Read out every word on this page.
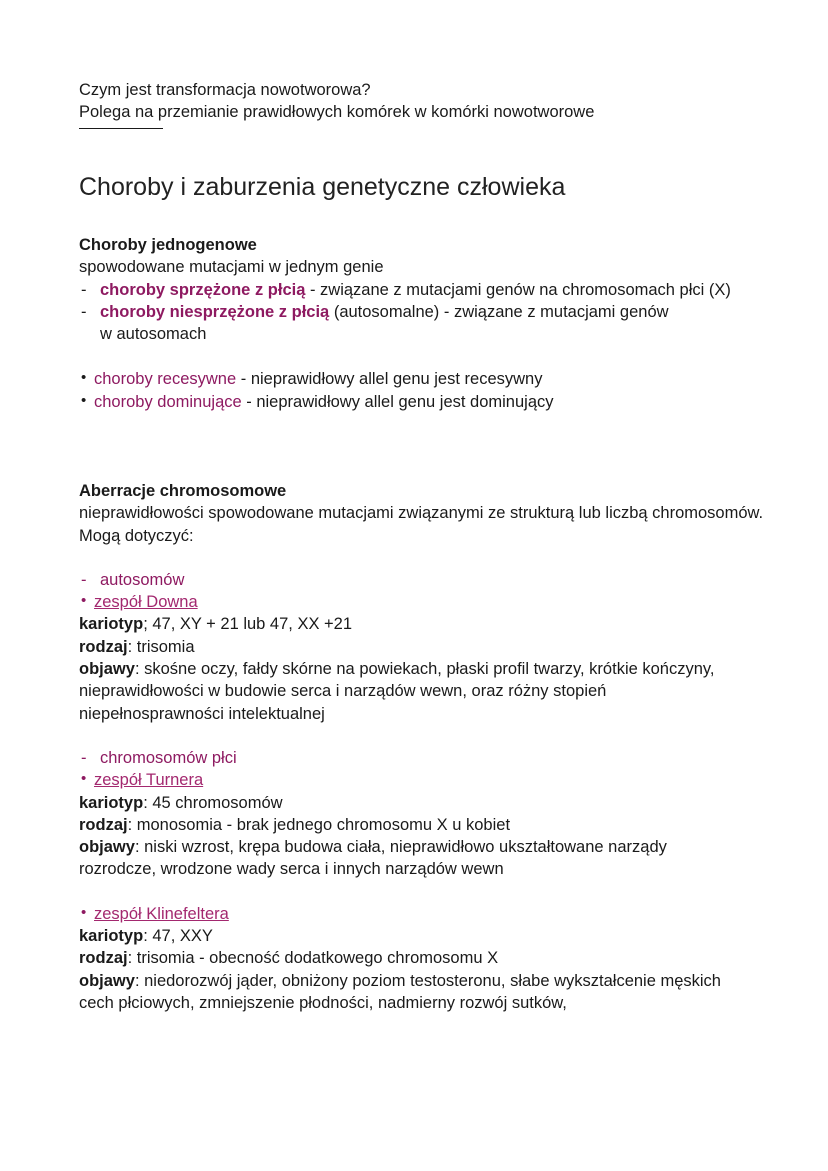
Czym jest transformacja nowotworowa?
Polega na przemianie prawidłowych komórek w komórki nowotworowe
Choroby i zaburzenia genetyczne człowieka
Choroby jednogenowe
spowodowane mutacjami w jednym genie
- choroby sprzężone z płcią - związane z mutacjami genów na chromosomach płci (X)
- choroby niesprzężone z płcią (autosomalne) - związane z mutacjami genów w autosomach
• choroby recesywne - nieprawidłowy allel genu jest recesywny
• choroby dominujące - nieprawidłowy allel genu jest dominujący
Aberracje chromosomowe
nieprawidłowości spowodowane mutacjami związanymi ze strukturą lub liczbą chromosomów.
Mogą dotyczyć:
- autosomów
• zespół Downa
kariotyp; 47, XY + 21 lub 47, XX +21
rodzaj: trisomia
objawy: skośne oczy, fałdy skórne na powiekach, płaski profil twarzy, krótkie kończyny, nieprawidłowości w budowie serca i narządów wewn, oraz różny stopień niepełnosprawności intelektualnej
- chromosomów płci
• zespół Turnera
kariotyp: 45 chromosomów
rodzaj: monosomia - brak jednego chromosomu X u kobiet
objawy: niski wzrost, krępa budowa ciała, nieprawidłowo ukształtowane narządy rozrodcze, wrodzone wady serca i innych narządów wewn
• zespół Klinefeltera
kariotyp: 47, XXY
rodzaj: trisomia - obecność dodatkowego chromosomu X
objawy: niedorozwój jąder, obniżony poziom testosteronu, słabe wykształcenie męskich cech płciowych, zmniejszenie płodności, nadmierny rozwój sutków,
